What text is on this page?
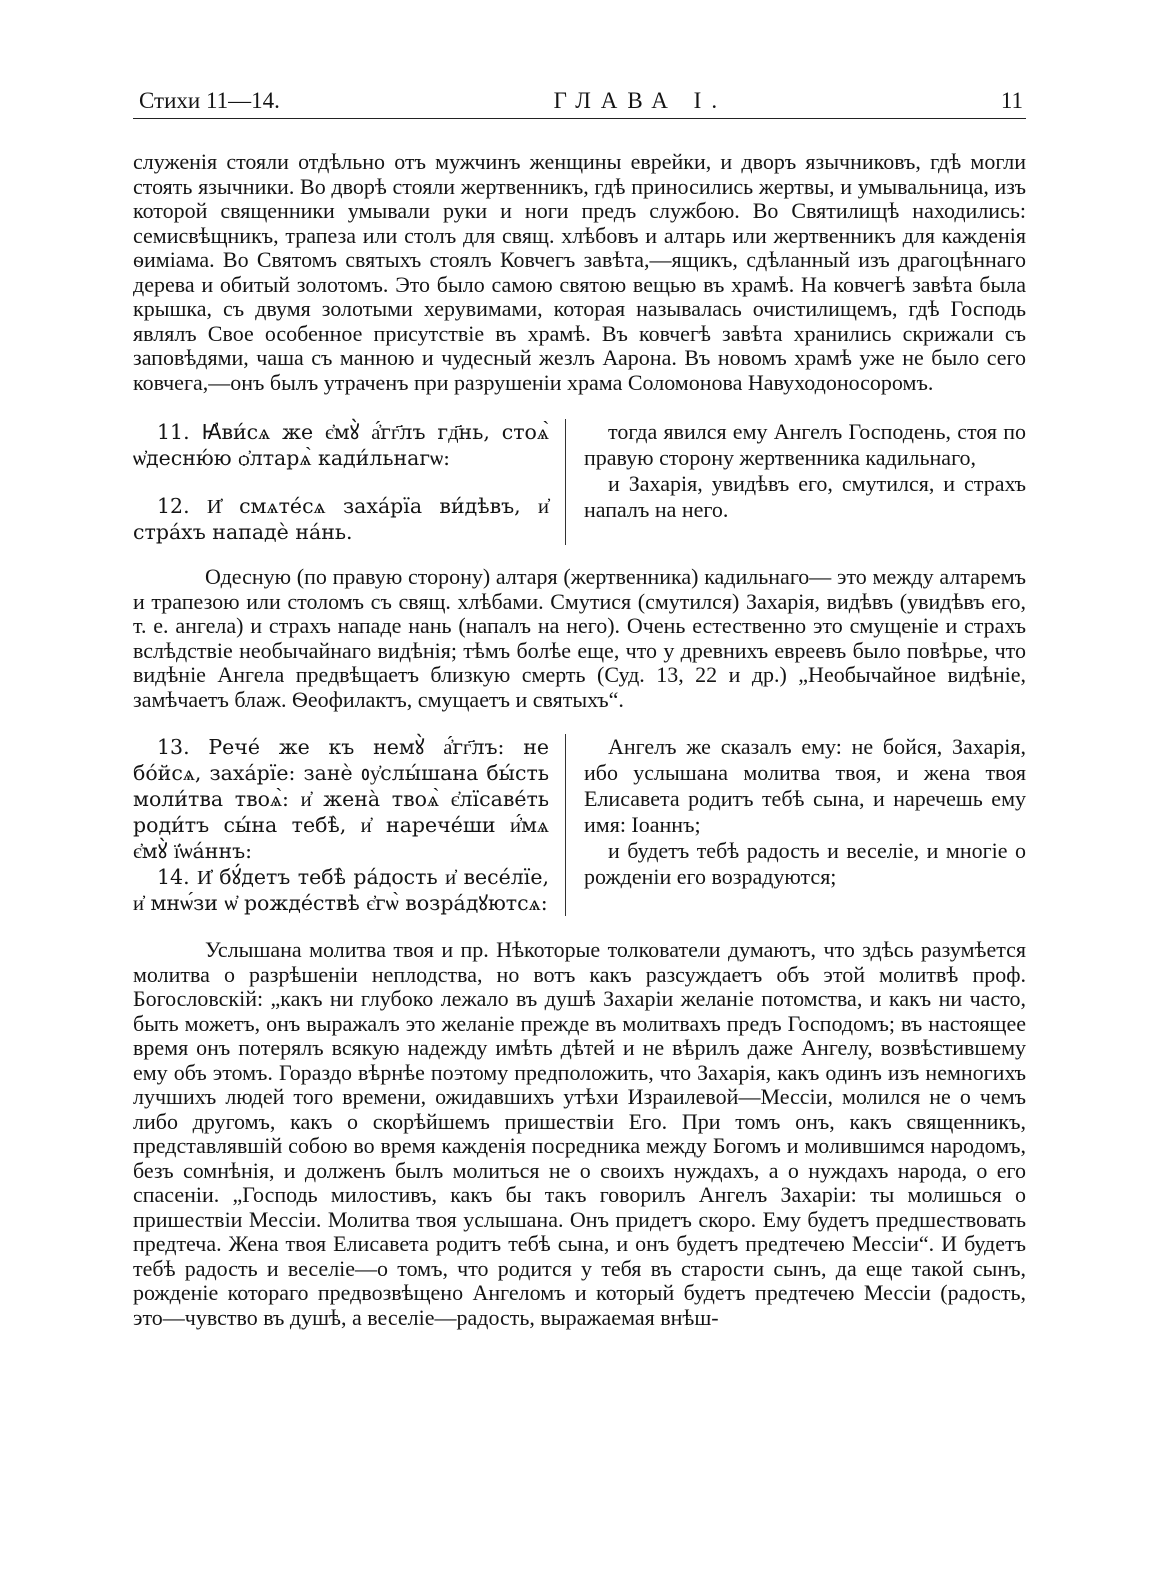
Стихи 11—14.	ГЛАВА I.	11

служенія стояли отдѣльно отъ мужчинъ женщины еврейки, и дворъ язычниковъ, гдѣ могли стоять язычники. Во дворѣ стояли жертвенникъ, гдѣ приносились жертвы, и умывальница, изъ которой священники умывали руки и ноги предъ службою. Во Святилищѣ находились: семисвѣщникъ, трапеза или столъ для свящ. хлѣбовъ и алтарь или жертвенникъ для кажденія ѳиміама. Во Святомъ святыхъ стоялъ Ковчегъ завѣта,—ящикъ, сдѣланный изъ драгоцѣннаго дерева и обитый золотомъ. Это было самою святою вещью въ храмѣ. На ковчегѣ завѣта была крышка, съ двумя золотыми херувимами, которая называлась очистилищемъ, гдѣ Господь являлъ Свое особенное присутствіе въ храмѣ. Въ ковчегѣ завѣта хранились скрижали съ заповѣдями, чаша съ манною и чудесный жезлъ Аарона. Въ новомъ храмѣ уже не было сего ковчега,—онъ былъ утраченъ при разрушеніи храма Соломонова Навуходоносоромъ.

11. Ꙗ҆ви́сѧ же є҆мꙋ̀ а҆́гг҃лъ гд҃нь, стоѧ̀ ѡ҆десню́ю ѻ҆лтарѧ̀ кади́льнагѡ:

12. И҆ смѧте́сѧ заха́рїа ви́дѣвъ, и҆ стра́хъ нападѐ на́нь.

тогда явился ему Ангелъ Господень, стоя по правую сторону жертвенника кадильнаго,

и Захарія, увидѣвъ его, смутился, и страхъ напалъ на него.

Одесную (по правую сторону) алтаря (жертвенника) кадильнаго— это между алтаремъ и трапезою или столомъ съ свящ. хлѣбами. Смутися (смутился) Захарія, видѣвъ (увидѣвъ его, т. е. ангела) и страхъ нападе нань (напалъ на него). Очень естественно это смущеніе и страхъ вслѣдствіе необычайнаго видѣнія; тѣмъ болѣе еще, что у древнихъ евреевъ было повѣрье, что видѣніе Ангела предвѣщаетъ близкую смерть (Суд. 13, 22 и др.) „Необычайное видѣніе, замѣчаетъ блаж. Ѳеофилактъ, смущаетъ и святыхъ“.

13. Рече́ же къ немꙋ̀ а҆́гг҃лъ: не бо́йсѧ, заха́рїе: занѐ ᲂу҆слы́шана бы́сть моли́тва твоѧ̀: и҆ жена̀ твоѧ̀ є҆лїсаве́ть роди́тъ сы́на тебѣ̀, и҆ нарече́ши и҆́мѧ є҆мꙋ̀ ї҆ѡа́ннъ:

14. И҆ бꙋ́детъ тебѣ̀ ра́дость и҆ весе́лїе, и҆ мнѡ́зи ѡ҆ рожде́ствѣ є҆гѡ̀ возра́дꙋютсѧ:

Ангелъ же сказалъ ему: не бойся, Захарія, ибо услышана молитва твоя, и жена твоя Елисавета родитъ тебѣ сына, и наречешь ему имя: Іоаннъ;

и будетъ тебѣ радость и веселіе, и многіе о рожденіи его возрадуются;

Услышана молитва твоя и пр. Нѣкоторые толкователи думаютъ, что здѣсь разумѣется молитва о разрѣшеніи неплодства, но вотъ какъ разсуждаетъ объ этой молитвѣ проф. Богословскій: „какъ ни глубоко лежало въ душѣ Захаріи желаніе потомства, и какъ ни часто, быть можетъ, онъ выражалъ это желаніе прежде въ молитвахъ предъ Господомъ; въ настоящее время онъ потерялъ всякую надежду имѣть дѣтей и не вѣрилъ даже Ангелу, возвѣстившему ему объ этомъ. Гораздо вѣрнѣе поэтому предположить, что Захарія, какъ одинъ изъ немногихъ лучшихъ людей того времени, ожидавшихъ утѣхи Израилевой—Мессіи, молился не о чемъ либо другомъ, какъ о скорѣйшемъ пришествіи Его. При томъ онъ, какъ священникъ, представлявшій собою во время кажденія посредника между Богомъ и молившимся народомъ, безъ сомнѣнія, и долженъ былъ молиться не о своихъ нуждахъ, а о нуждахъ народа, о его спасеніи. „Господь милостивъ, какъ бы такъ говорилъ Ангелъ Захаріи: ты молишься о пришествіи Мессіи. Молитва твоя услышана. Онъ придетъ скоро. Ему будетъ предшествовать предтеча. Жена твоя Елисавета родитъ тебѣ сына, и онъ будетъ предтечею Мессіи“. И будетъ тебѣ радость и веселіе—о томъ, что родится у тебя въ старости сынъ, да еще такой сынъ, рожденіе котораго предвозвѣщено Ангеломъ и который будетъ предтечею Мессіи (радость, это—чувство въ душѣ, а веселіе—радость, выражаемая внѣш-
